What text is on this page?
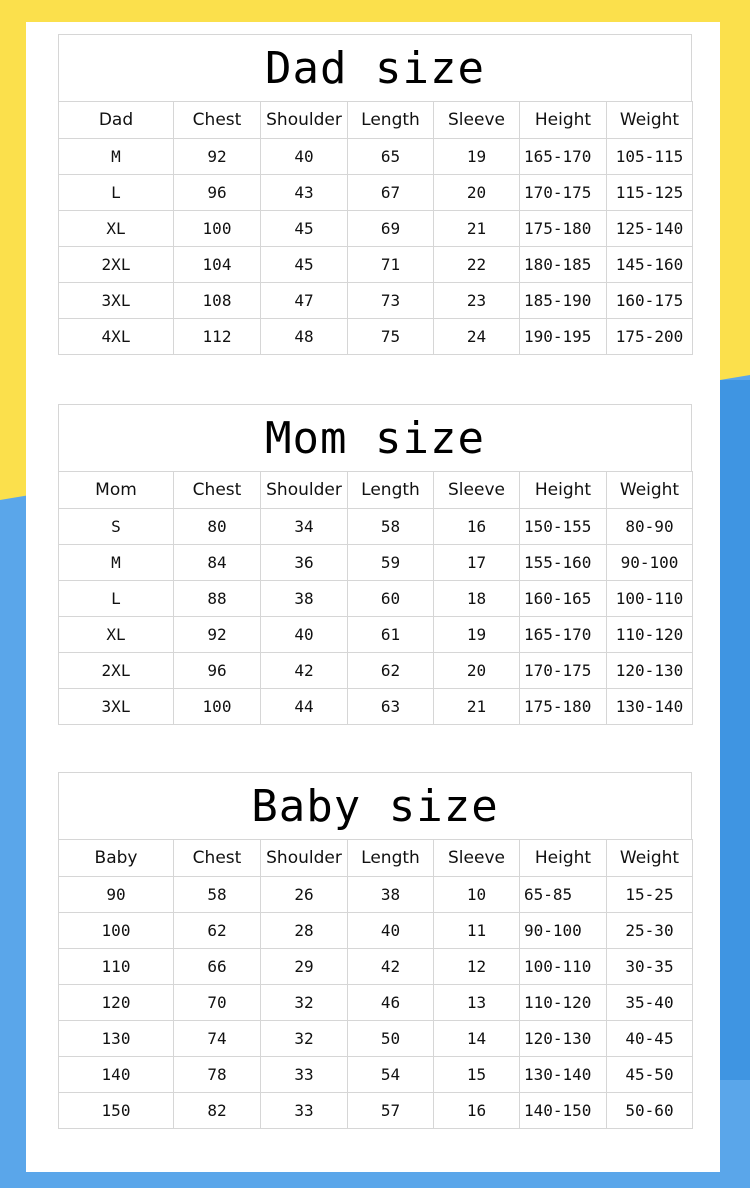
Dad size
Dad	Chest	Shoulder	Length	Sleeve	Height	Weight
M	92	40	65	19	165-170	105-115
L	96	43	67	20	170-175	115-125
XL	100	45	69	21	175-180	125-140
2XL	104	45	71	22	180-185	145-160
3XL	108	47	73	23	185-190	160-175
4XL	112	48	75	24	190-195	175-200
Mom size
Mom	Chest	Shoulder	Length	Sleeve	Height	Weight
S	80	34	58	16	150-155	80-90
M	84	36	59	17	155-160	90-100
L	88	38	60	18	160-165	100-110
XL	92	40	61	19	165-170	110-120
2XL	96	42	62	20	170-175	120-130
3XL	100	44	63	21	175-180	130-140
Baby size
Baby	Chest	Shoulder	Length	Sleeve	Height	Weight
90	58	26	38	10	65-85	15-25
100	62	28	40	11	90-100	25-30
110	66	29	42	12	100-110	30-35
120	70	32	46	13	110-120	35-40
130	74	32	50	14	120-130	40-45
140	78	33	54	15	130-140	45-50
150	82	33	57	16	140-150	50-60
